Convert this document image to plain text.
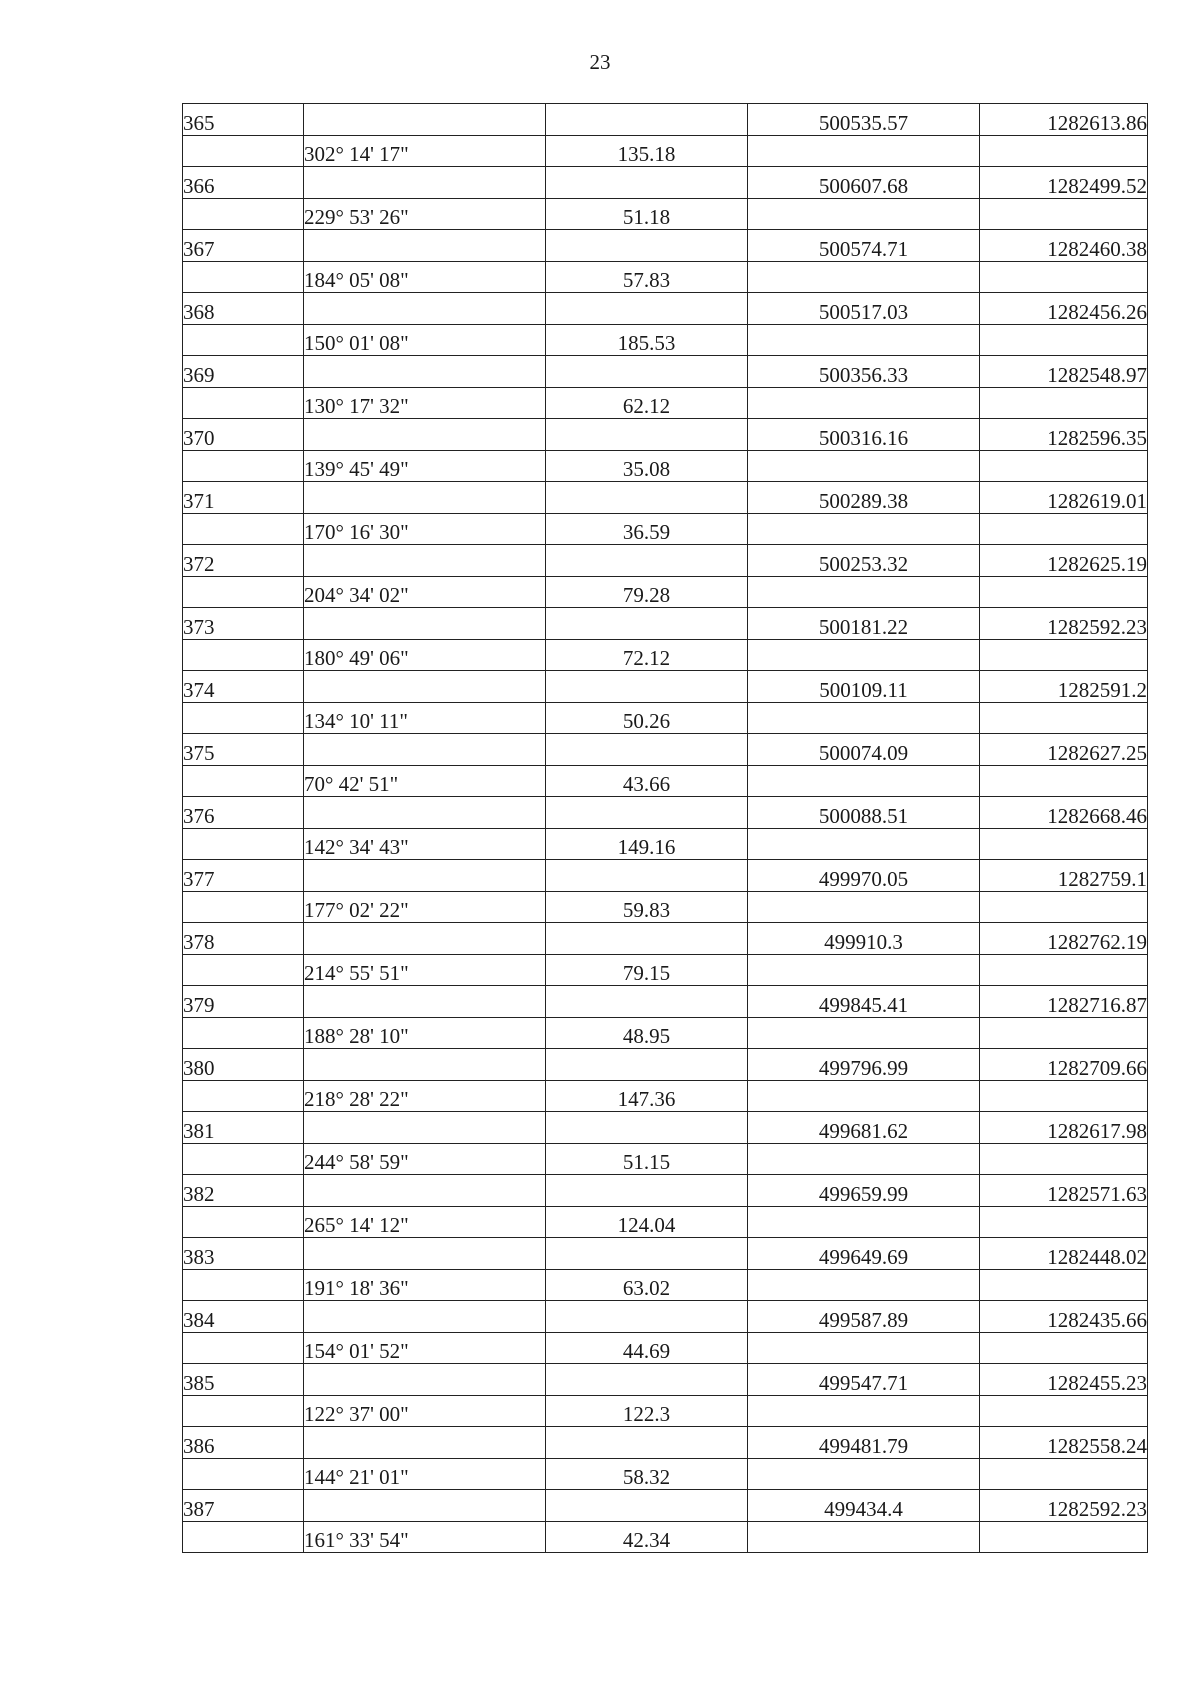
23
365			500535.57	1282613.86
	302° 14' 17"	135.18		
366			500607.68	1282499.52
	229° 53' 26"	51.18		
367			500574.71	1282460.38
	184° 05' 08"	57.83		
368			500517.03	1282456.26
	150° 01' 08"	185.53		
369			500356.33	1282548.97
	130° 17' 32"	62.12		
370			500316.16	1282596.35
	139° 45' 49"	35.08		
371			500289.38	1282619.01
	170° 16' 30"	36.59		
372			500253.32	1282625.19
	204° 34' 02"	79.28		
373			500181.22	1282592.23
	180° 49' 06"	72.12		
374			500109.11	1282591.2
	134° 10' 11"	50.26		
375			500074.09	1282627.25
	70° 42' 51"	43.66		
376			500088.51	1282668.46
	142° 34' 43"	149.16		
377			499970.05	1282759.1
	177° 02' 22"	59.83		
378			499910.3	1282762.19
	214° 55' 51"	79.15		
379			499845.41	1282716.87
	188° 28' 10"	48.95		
380			499796.99	1282709.66
	218° 28' 22"	147.36		
381			499681.62	1282617.98
	244° 58' 59"	51.15		
382			499659.99	1282571.63
	265° 14' 12"	124.04		
383			499649.69	1282448.02
	191° 18' 36"	63.02		
384			499587.89	1282435.66
	154° 01' 52"	44.69		
385			499547.71	1282455.23
	122° 37' 00"	122.3		
386			499481.79	1282558.24
	144° 21' 01"	58.32		
387			499434.4	1282592.23
	161° 33' 54"	42.34		
